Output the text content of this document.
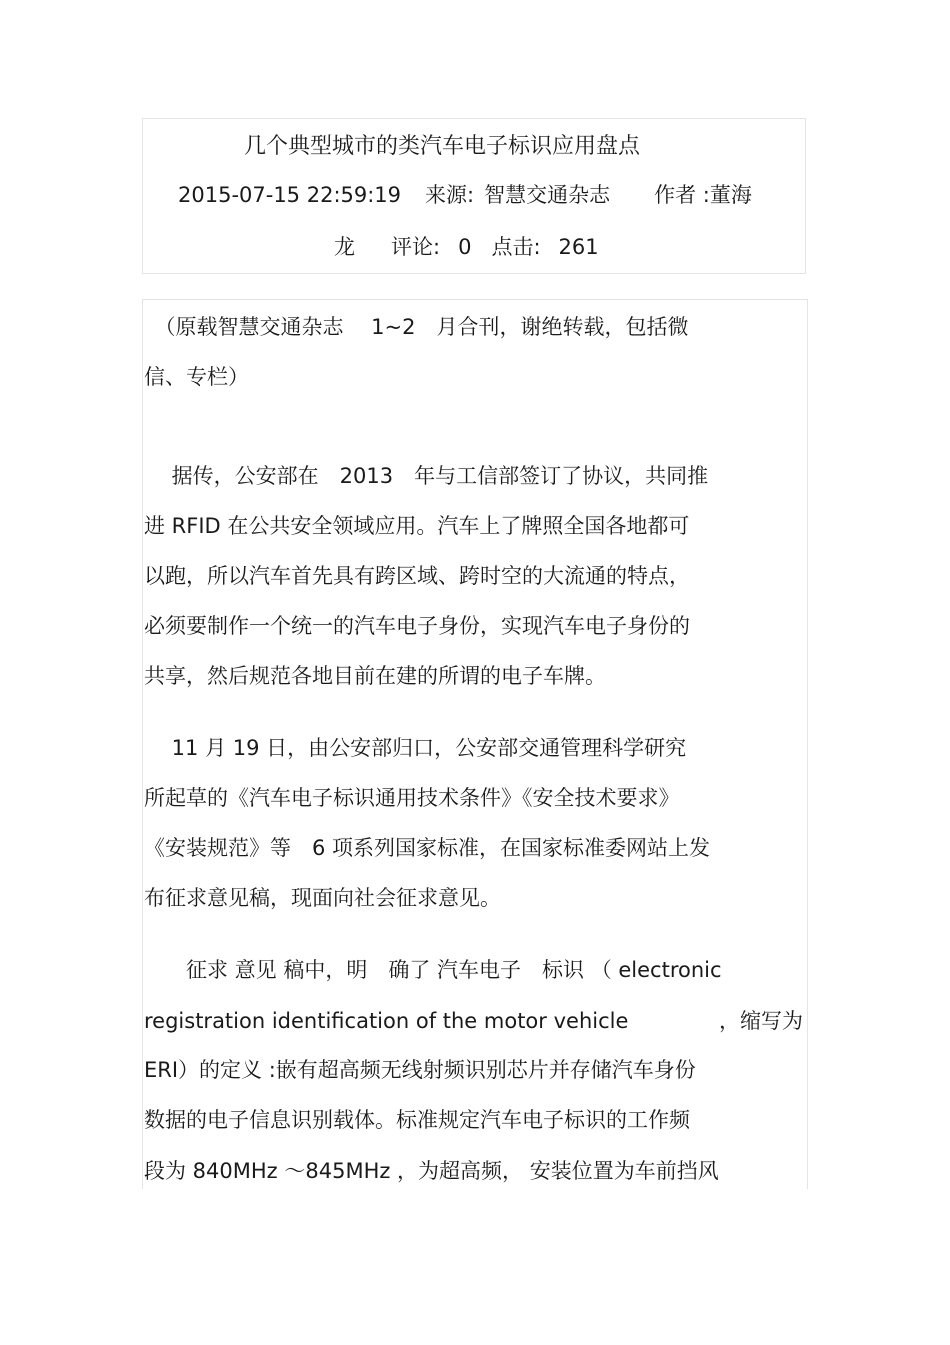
几个典型城市的类汽车电子标识应用盘点
2015-07-15 22:59:19 来源: 智慧交通杂志 作者 :董海
龙 评论: 0 点击: 261
　（原载智慧交通杂志　 1~2　月合刊，谢绝转载，包括微
信、专栏）
　 据传，公安部在　2013　年与工信部签订了协议，共同推
进 RFID 在公共安全领域应用。汽车上了牌照全国各地都可
以跑，所以汽车首先具有跨区域、跨时空的大流通的特点，
必须要制作一个统一的汽车电子身份，实现汽车电子身份的
共享，然后规范各地目前在建的所谓的电子车牌。
　 11 月 19 日，由公安部归口，公安部交通管理科学研究
所起草的《汽车电子标识通用技术条件》《安全技术要求》
《安装规范》等　6 项系列国家标准，在国家标准委网站上发
布征求意见稿，现面向社会征求意见。
　　征求 意见 稿中，明　确了 汽车电子　标识 （ electronic
registration identification of the motor vehicle　　　　 ，缩写为
ERI）的定义 :嵌有超高频无线射频识别芯片并存储汽车身份
数据的电子信息识别载体。标准规定汽车电子标识的工作频
段为 840MHz ～845MHz ，为超高频， 安装位置为车前挡风
